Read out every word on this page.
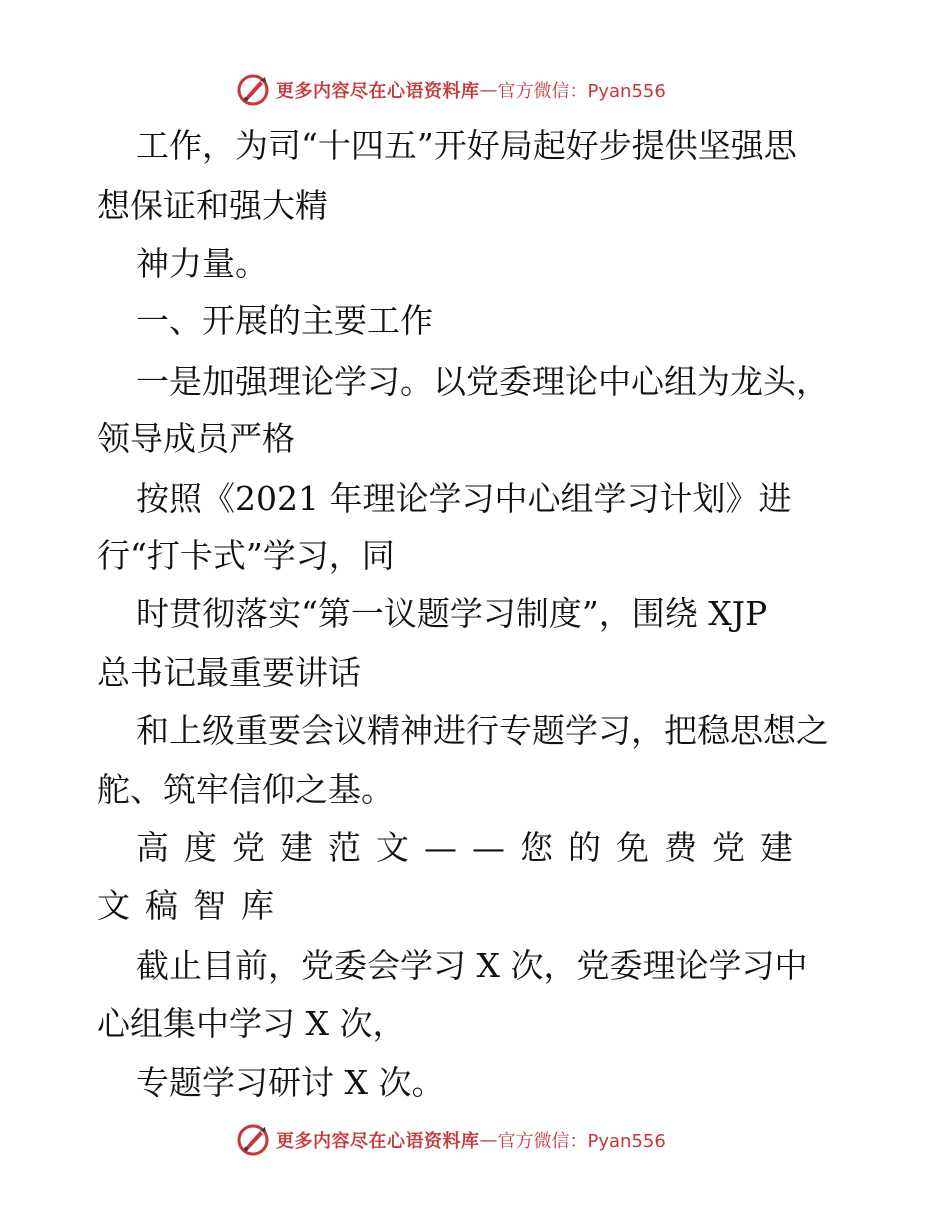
更多内容尽在心语资料库 — 官方微信：Pyan556
工作，为司“十四五”开好局起好步提供坚强思
想保证和强大精
神力量。
一、开展的主要工作
一是加强理论学习。以党委理论中心组为龙头，
领导成员严格
按照《2021 年理论学习中心组学习计划》进
行“打卡式”学习，同
时贯彻落实“第一议题学习制度”，围绕 XJP
总书记最重要讲话
和上级重要会议精神进行专题学习，把稳思想之
舵、筑牢信仰之基。
高度党建范文——您的免费党建
文稿智库
截止目前，党委会学习 X 次，党委理论学习中
心组集中学习 X 次，
专题学习研讨 X 次。
更多内容尽在心语资料库 — 官方微信：Pyan556
